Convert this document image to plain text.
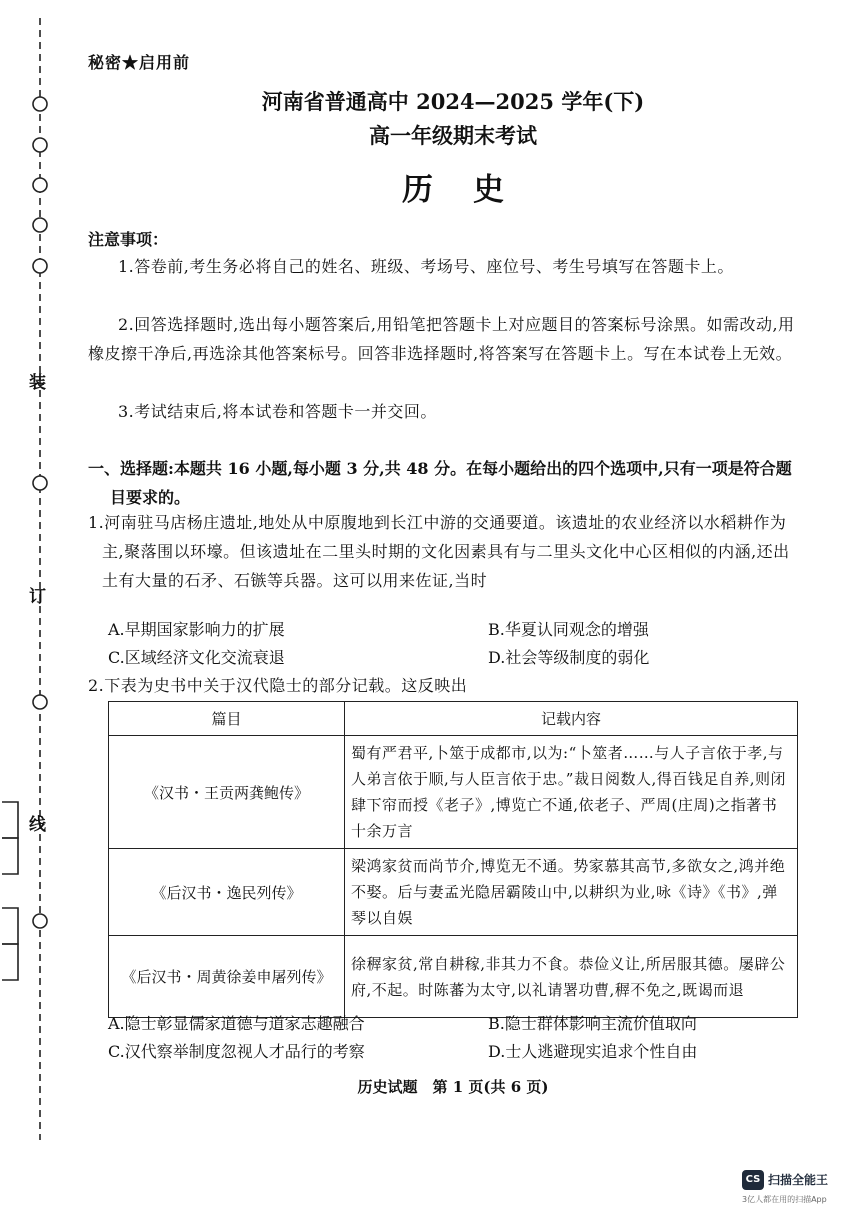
装
订
线
秘密★启用前
河南省普通高中 2024—2025 学年(下)
高一年级期末考试
历史
注意事项：
1.答卷前,考生务必将自己的姓名、班级、考场号、座位号、考生号填写在答题卡上。
2.回答选择题时,选出每小题答案后,用铅笔把答题卡上对应题目的答案标号涂黑。如需改动,用橡皮擦干净后,再选涂其他答案标号。回答非选择题时,将答案写在答题卡上。写在本试卷上无效。
3.考试结束后,将本试卷和答题卡一并交回。
一、选择题:本题共 16 小题,每小题 3 分,共 48 分。在每小题给出的四个选项中,只有一项是符合题目要求的。
1.河南驻马店杨庄遗址,地处从中原腹地到长江中游的交通要道。该遗址的农业经济以水稻耕作为主,聚落围以环壕。但该遗址在二里头时期的文化因素具有与二里头文化中心区相似的内涵,还出土有大量的石矛、石镞等兵器。这可以用来佐证,当时
A.早期国家影响力的扩展	B.华夏认同观念的增强
C.区域经济文化交流衰退	D.社会等级制度的弱化
2.下表为史书中关于汉代隐士的部分记载。这反映出
篇目	记载内容
《汉书・王贡两龚鲍传》	蜀有严君平,卜筮于成都市,以为:“卜筮者……与人子言依于孝,与人弟言依于顺,与人臣言依于忠。”裁日阅数人,得百钱足自养,则闭肆下帘而授《老子》,博览亡不通,依老子、严周(庄周)之指著书十余万言
《后汉书・逸民列传》	梁鸿家贫而尚节介,博览无不通。势家慕其高节,多欲女之,鸿并绝不娶。后与妻孟光隐居霸陵山中,以耕织为业,咏《诗》《书》,弹琴以自娱
《后汉书・周黄徐姜申屠列传》	徐稺家贫,常自耕稼,非其力不食。恭俭义让,所居服其德。屡辟公府,不起。时陈蕃为太守,以礼请署功曹,稺不免之,既谒而退
A.隐士彰显儒家道德与道家志趣融合	B.隐士群体影响主流价值取向
C.汉代察举制度忽视人才品行的考察	D.士人逃避现实追求个性自由
历史试题　第 1 页(共 6 页)
CS 扫描全能王
3亿人都在用的扫描App
